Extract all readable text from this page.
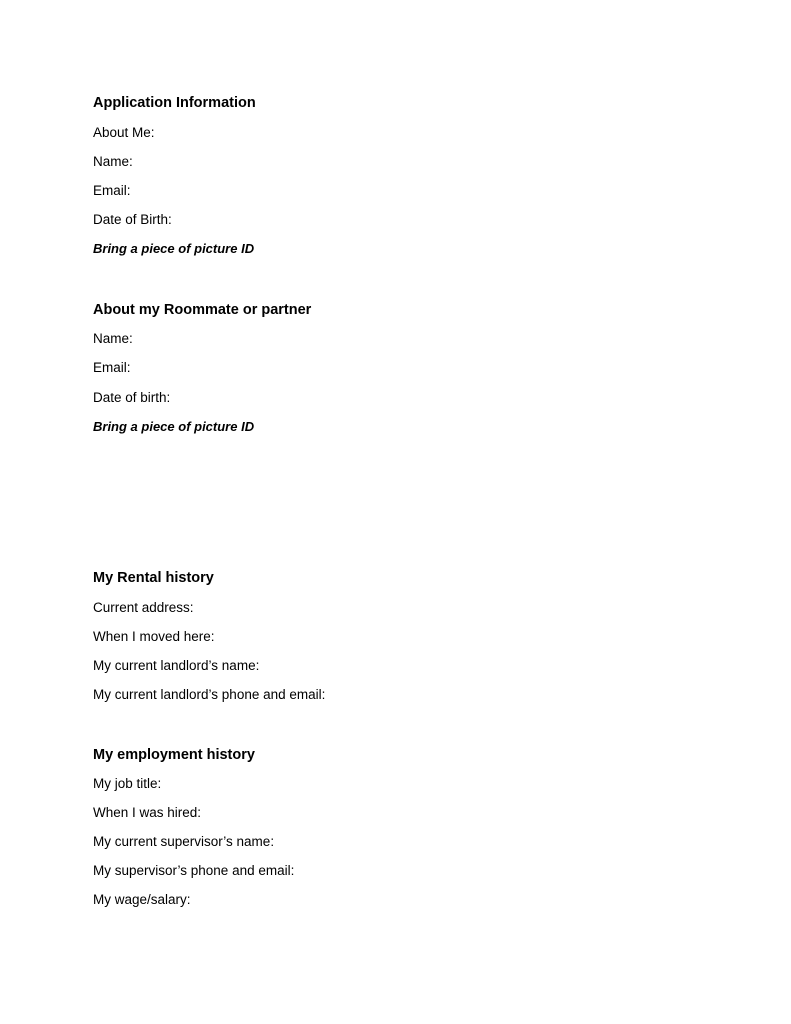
Application Information
About Me:
Name:
Email:
Date of Birth:
Bring a piece of picture ID
About my Roommate or partner
Name:
Email:
Date of birth:
Bring a piece of picture ID
My Rental history
Current address:
When I moved here:
My current landlord’s name:
My current landlord’s phone and email:
My employment history
My job title:
When I was hired:
My current supervisor’s name:
My supervisor’s phone and email:
My wage/salary:
